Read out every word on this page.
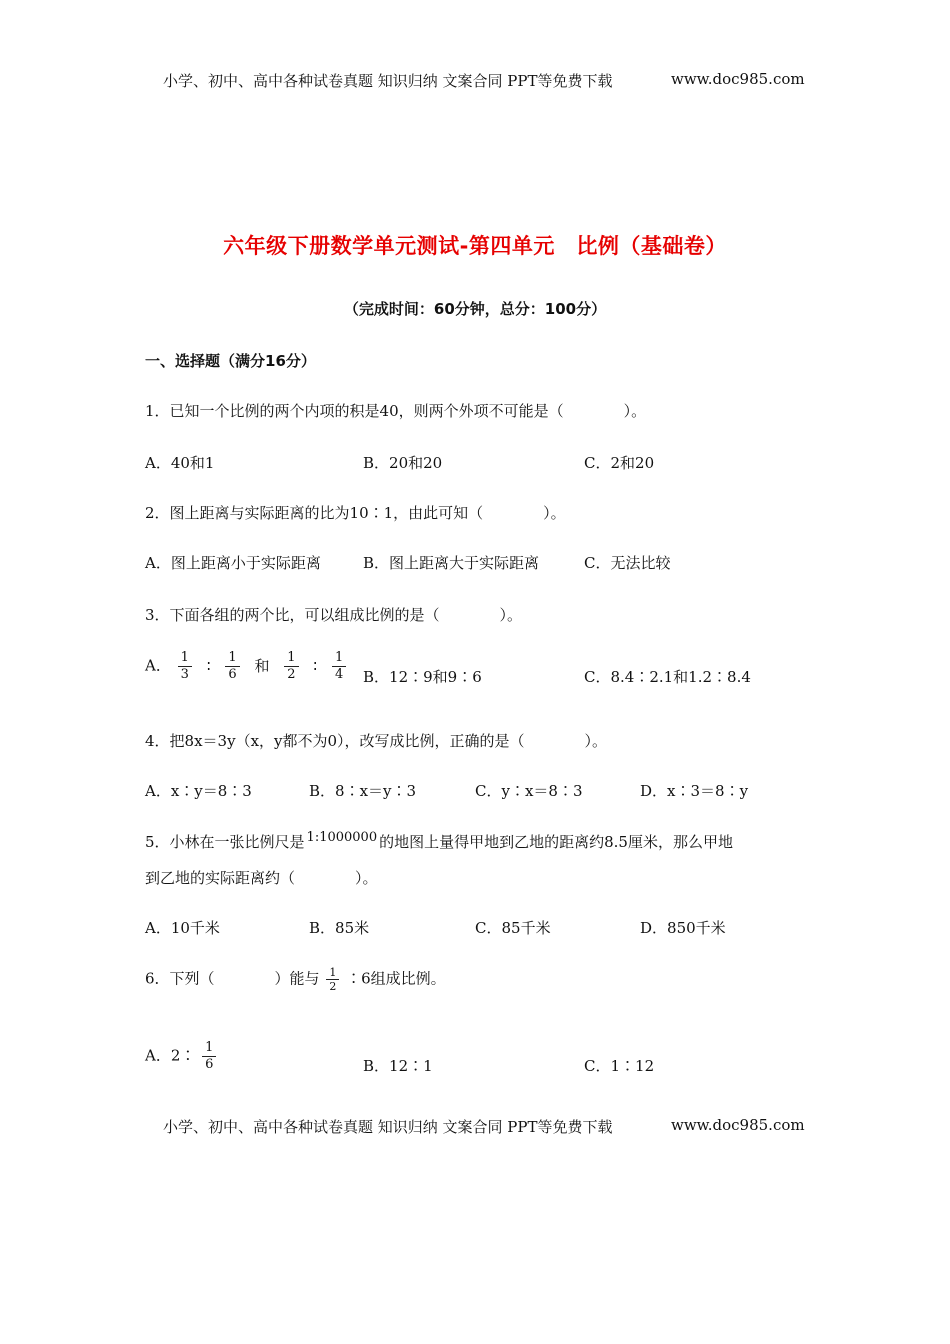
小学、初中、高中各种试卷真题 知识归纳 文案合同 PPT等免费下载	www.doc985.com
六年级下册数学单元测试-第四单元　比例（基础卷）
（完成时间：60分钟，总分：100分）
一、选择题（满分16分）
1．已知一个比例的两个内项的积是40，则两个外项不可能是（　　　　）。
A．40和1	B．20和20	C．2和20
2．图上距离与实际距离的比为10∶1，由此可知（　　　　）。
A．图上距离小于实际距离	B．图上距离大于实际距离	C．无法比较
3．下面各组的两个比，可以组成比例的是（　　　　）。
A． $\frac{1}{3}$ ∶ $\frac{1}{6}$ 和 $\frac{1}{2}$ ∶ $\frac{1}{4}$ B．12∶9和9∶6	C．8.4∶2.1和1.2∶8.4
4．把8x＝3y（x，y都不为0），改写成比例，正确的是（　　　　）。
A．x∶y＝8∶3	B．8∶x＝y∶3	C．y∶x＝8∶3	D．x∶3＝8∶y
5．小林在一张比例尺是 1:1000000 的地图上量得甲地到乙地的距离约8.5厘米，那么甲地
到乙地的实际距离约（　　　　）。
A．10千米	B．85米	C．85千米	D．850千米
6．下列（　　　　）能与 $\frac{1}{2}$ ∶6组成比例。
A．2∶ $\frac{1}{6}$	B．12∶1	C．1∶12
小学、初中、高中各种试卷真题 知识归纳 文案合同 PPT等免费下载	www.doc985.com
